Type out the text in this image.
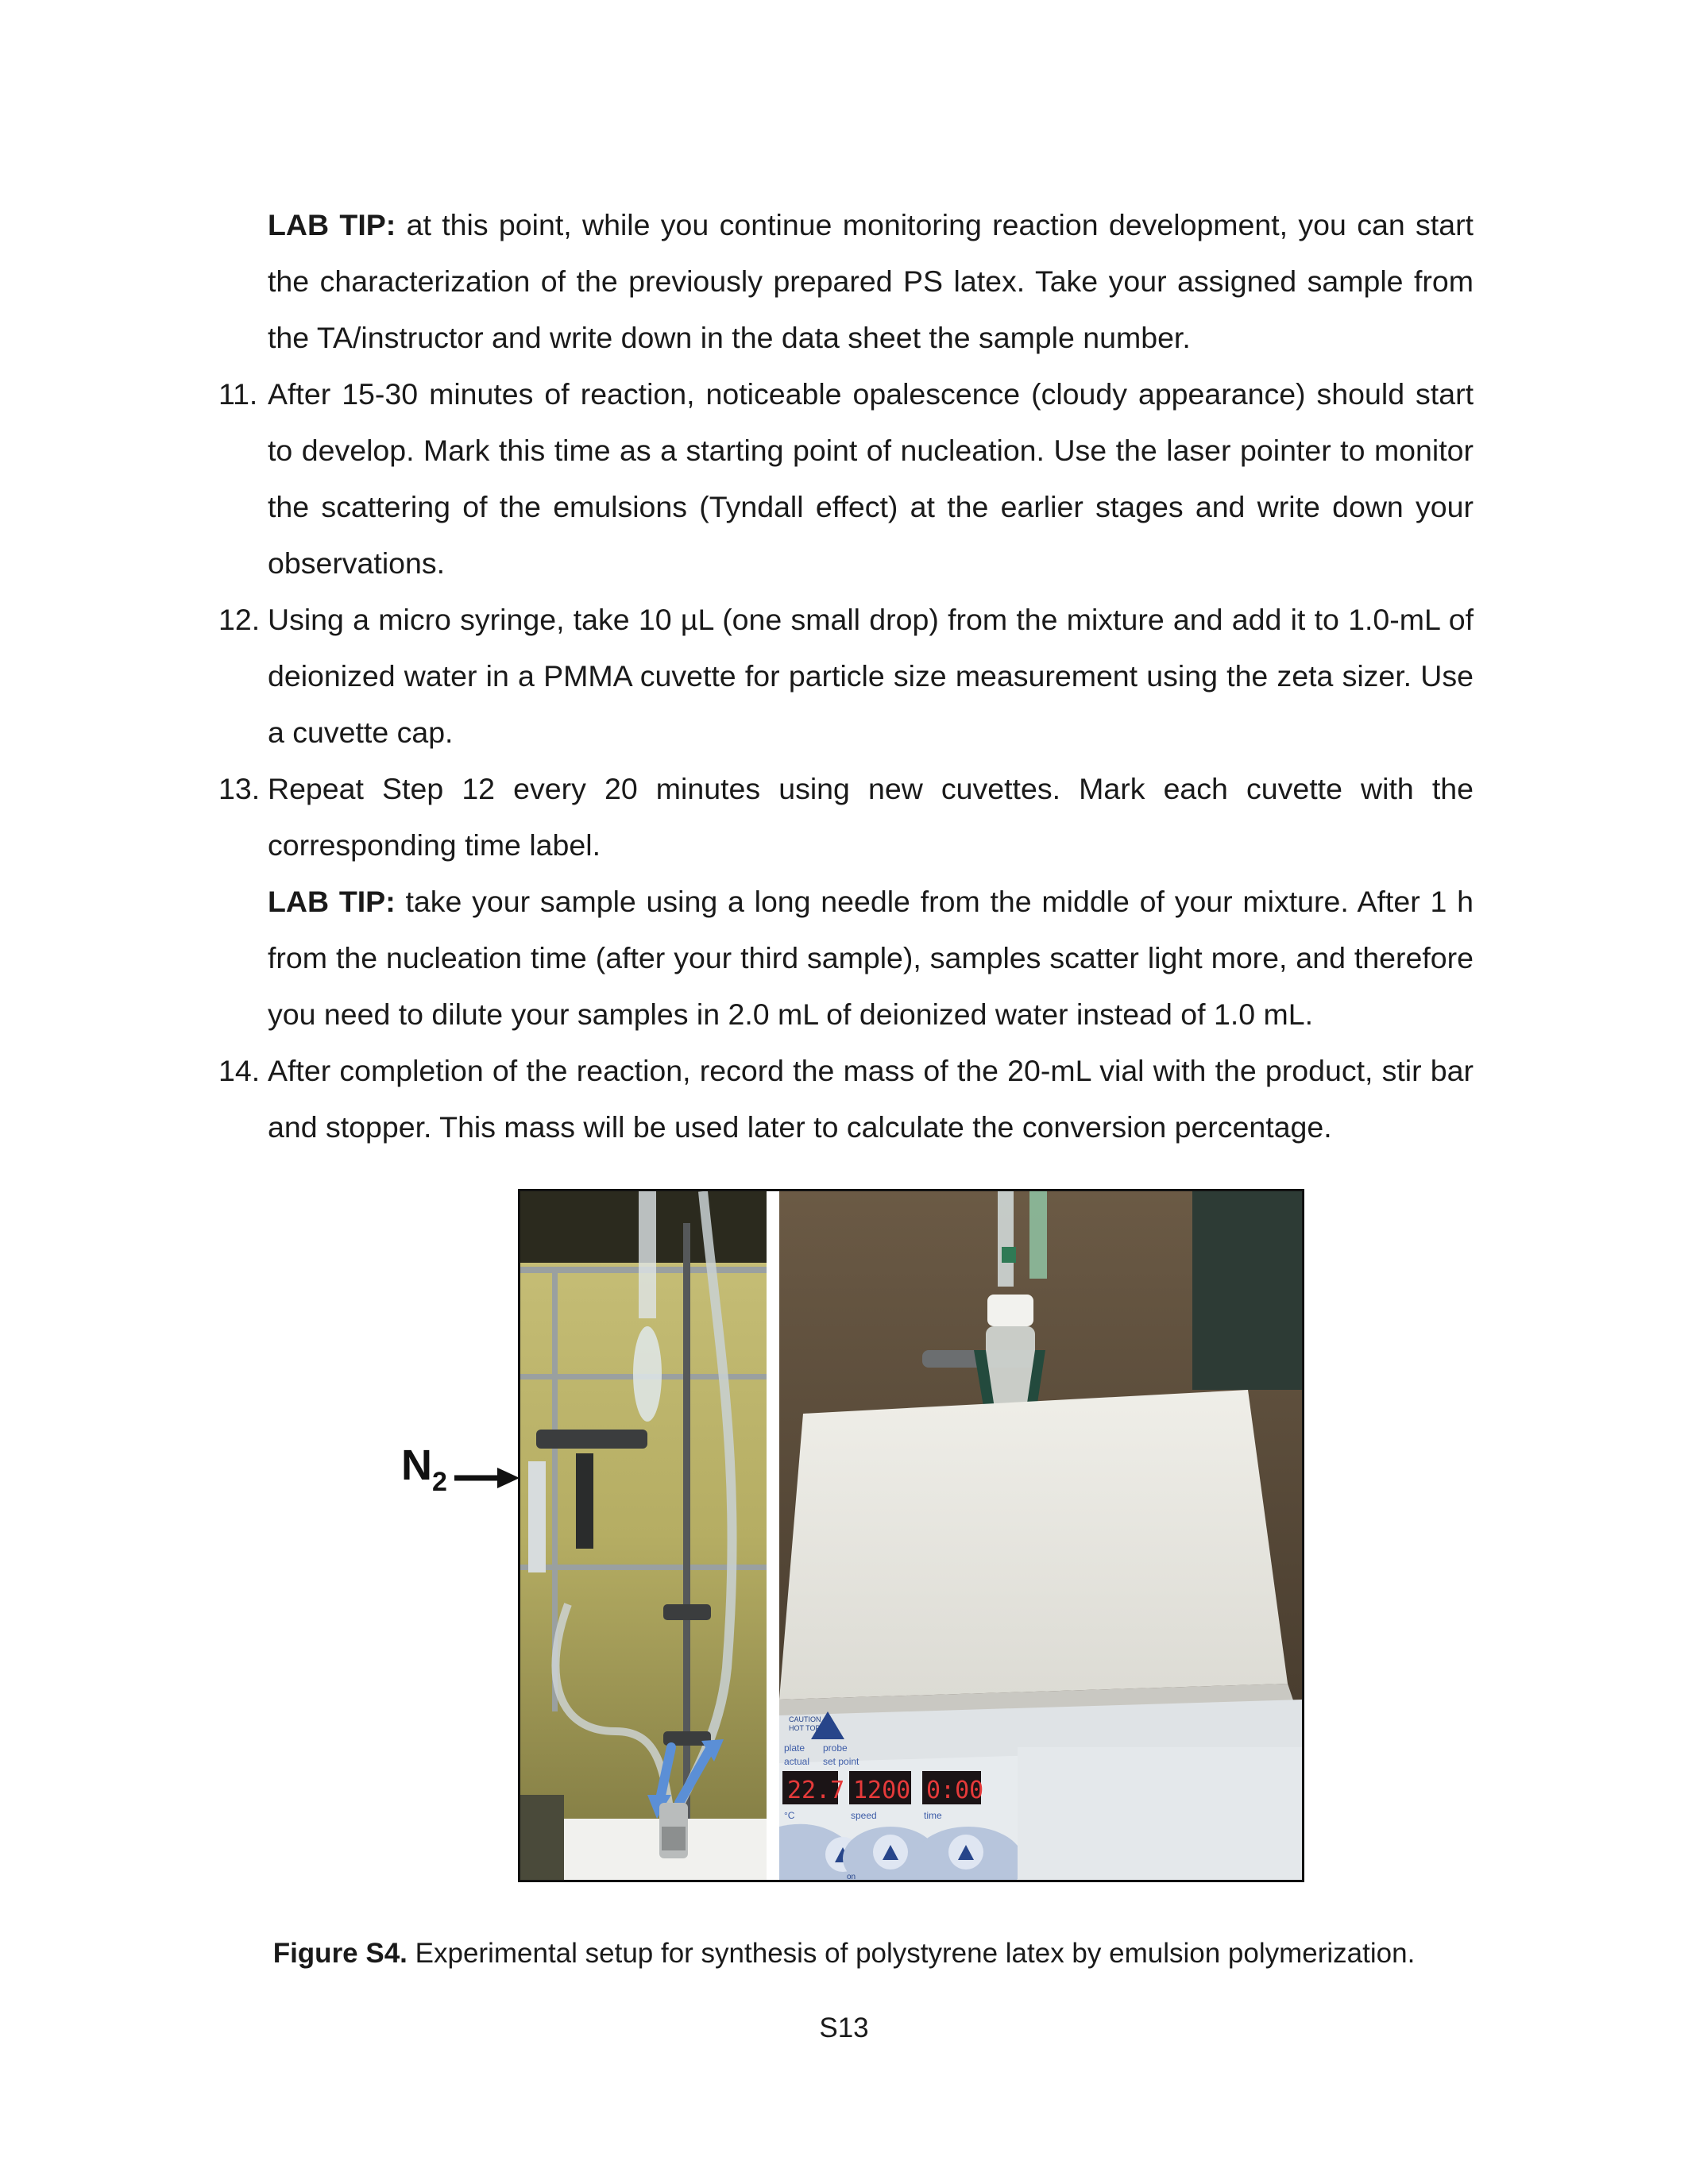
LAB TIP: at this point, while you continue monitoring reaction development, you can start the characterization of the previously prepared PS latex. Take your assigned sample from the TA/instructor and write down in the data sheet the sample number.

11. After 15-30 minutes of reaction, noticeable opalescence (cloudy appearance) should start to develop. Mark this time as a starting point of nucleation. Use the laser pointer to monitor the scattering of the emulsions (Tyndall effect) at the earlier stages and write down your observations.
12. Using a micro syringe, take 10 µL (one small drop) from the mixture and add it to 1.0-mL of deionized water in a PMMA cuvette for particle size measurement using the zeta sizer. Use a cuvette cap.
13. Repeat Step 12 every 20 minutes using new cuvettes. Mark each cuvette with the corresponding time label.

LAB TIP: take your sample using a long needle from the middle of your mixture. After 1 h from the nucleation time (after your third sample), samples scatter light more, and therefore you need to dilute your samples in 2.0 mL of deionized water instead of 1.0 mL.

14. After completion of the reaction, record the mass of the 20-mL vial with the product, stir bar and stopper. This mass will be used later to calculate the conversion percentage.
$N_2$
CAUTION
HOT TOP
plate probe
actual set point
22.7 1200 0:00
°C	speed	time
on
Figure S4. Experimental setup for synthesis of polystyrene latex by emulsion polymerization.
S13
